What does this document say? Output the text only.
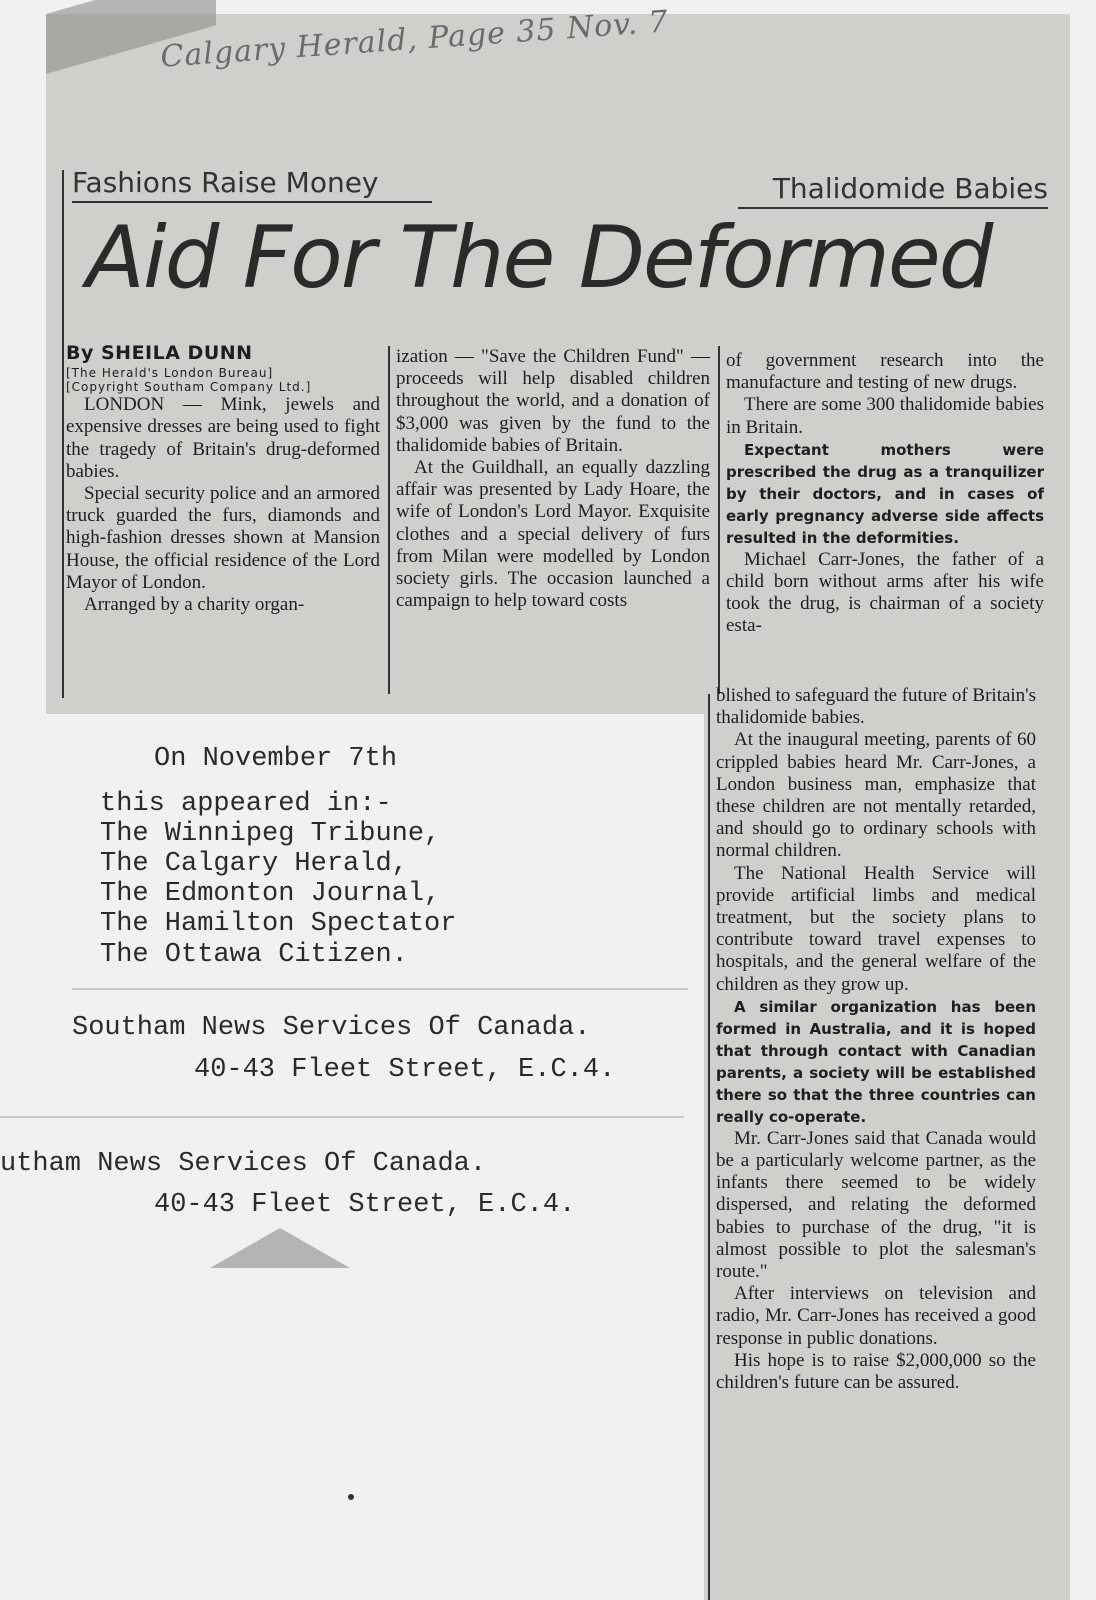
Calgary Herald, Page 35 Nov. 7
Fashions Raise Money	Thalidomide Babies
Aid For The Deformed
By SHEILA DUNN
[The Herald's London Bureau]
[Copyright Southam Company Ltd.]

LONDON — Mink, jewels and expensive dresses are being used to fight the tragedy of Britain's drug-deformed babies.

Special security police and an armored truck guarded the furs, diamonds and high-fashion dresses shown at Mansion House, the official residence of the Lord Mayor of London.

Arranged by a charity organ-

ization — "Save the Children Fund" — proceeds will help disabled children throughout the world, and a donation of $3,000 was given by the fund to the thalidomide babies of Britain.

At the Guildhall, an equally dazzling affair was presented by Lady Hoare, the wife of London's Lord Mayor. Exquisite clothes and a special delivery of furs from Milan were modelled by London society girls. The occasion launched a campaign to help toward costs

of government research into the manufacture and testing of new drugs.

There are some 300 thalidomide babies in Britain.

Expectant mothers were prescribed the drug as a tranquilizer by their doctors, and in cases of early pregnancy adverse side affects resulted in the deformities.

Michael Carr-Jones, the father of a child born without arms after his wife took the drug, is chairman of a society esta-

blished to safeguard the future of Britain's thalidomide babies.

At the inaugural meeting, parents of 60 crippled babies heard Mr. Carr-Jones, a London business man, emphasize that these children are not mentally retarded, and should go to ordinary schools with normal children.

The National Health Service will provide artificial limbs and medical treatment, but the society plans to contribute toward travel expenses to hospitals, and the general welfare of the children as they grow up.

A similar organization has been formed in Australia, and it is hoped that through contact with Canadian parents, a society will be established there so that the three countries can really co-operate.

Mr. Carr-Jones said that Canada would be a particularly welcome partner, as the infants there seemed to be widely dispersed, and relating the deformed babies to purchase of the drug, "it is almost possible to plot the salesman's route."

After interviews on television and radio, Mr. Carr-Jones has received a good response in public donations.

His hope is to raise $2,000,000 so the children's future can be assured.

On November 7th
this appeared in:-
The Winnipeg Tribune,
The Calgary Herald,
The Edmonton Journal,
The Hamilton Spectator
The Ottawa Citizen.
Southam News Services Of Canada.
40-43 Fleet Street, E.C.4.
utham News Services Of Canada.
40-43 Fleet Street, E.C.4.
